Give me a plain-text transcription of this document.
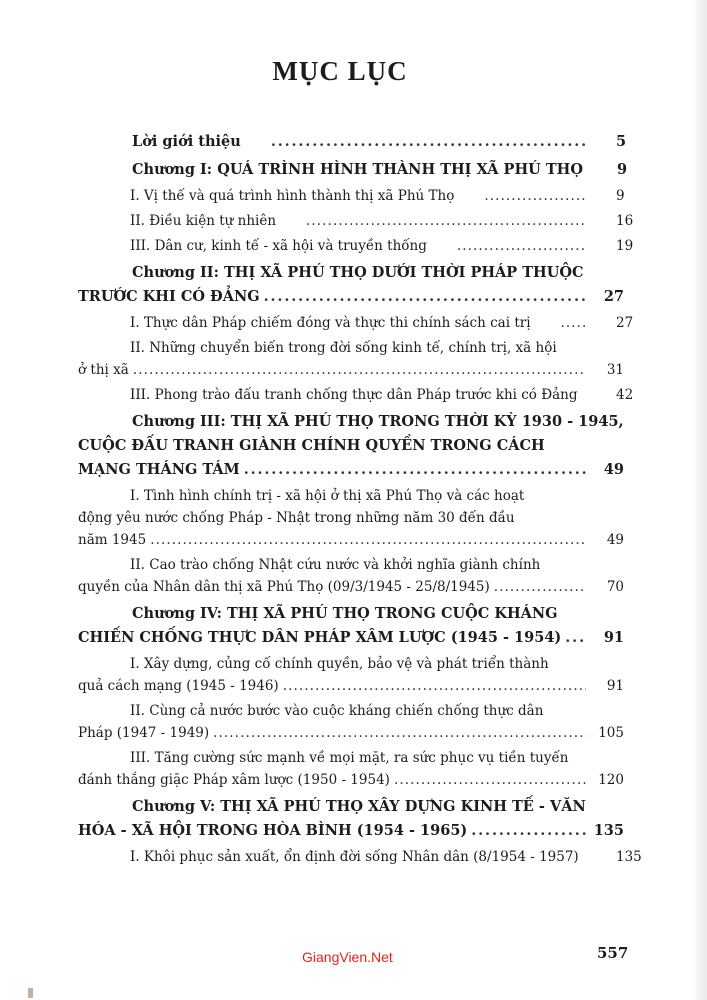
MỤC LỤC
Lời giới thiệu . . .	5
Chương I: QUÁ TRÌNH HÌNH THÀNH THỊ XÃ PHÚ THỌ	9
I. Vị thế và quá trình hình thành thị xã Phú Thọ . . .	9
II. Điều kiện tự nhiên . . .	16
III. Dân cư, kinh tế - xã hội và truyền thống . . .	19
Chương II: THỊ XÃ PHÚ THỌ DƯỚI THỜI PHÁP THUỘC
TRƯỚC KHI CÓ ĐẢNG . . .	27
I. Thực dân Pháp chiếm đóng và thực thi chính sách cai trị . . .	27
II. Những chuyển biến trong đời sống kinh tế, chính trị, xã hội
ở thị xã . . .	31
III. Phong trào đấu tranh chống thực dân Pháp trước khi có Đảng . . .	42
Chương III: THỊ XÃ PHÚ THỌ TRONG THỜI KỲ 1930 - 1945,
CUỘC ĐẤU TRANH GIÀNH CHÍNH QUYỀN TRONG CÁCH
MẠNG THÁNG TÁM . . .	49
I. Tình hình chính trị - xã hội ở thị xã Phú Thọ và các hoạt
động yêu nước chống Pháp - Nhật trong những năm 30 đến đầu
năm 1945 . . .	49
II. Cao trào chống Nhật cứu nước và khởi nghĩa giành chính
quyền của Nhân dân thị xã Phú Thọ (09/3/1945 - 25/8/1945) . . .	70
Chương IV: THỊ XÃ PHÚ THỌ TRONG CUỘC KHÁNG
CHIẾN CHỐNG THỰC DÂN PHÁP XÂM LƯỢC (1945 - 1954) . . .	91
I. Xây dựng, củng cố chính quyền, bảo vệ và phát triển thành
quả cách mạng (1945 - 1946) . . .	91
II. Cùng cả nước bước vào cuộc kháng chiến chống thực dân
Pháp (1947 - 1949) . . .	105
III. Tăng cường sức mạnh về mọi mặt, ra sức phục vụ tiền tuyến
đánh thắng giặc Pháp xâm lược (1950 - 1954) . . .	120
Chương V: THỊ XÃ PHÚ THỌ XÂY DỰNG KINH TẾ - VĂN
HÓA - XÃ HỘI TRONG HÒA BÌNH (1954 - 1965) . . .	135
I. Khôi phục sản xuất, ổn định đời sống Nhân dân (8/1954 - 1957) . . .	135
GiangVien.Net	557
